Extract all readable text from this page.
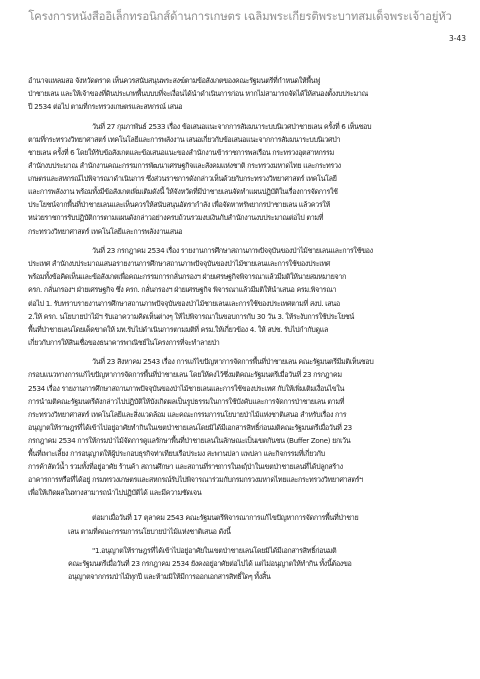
โครงการหนังสืออิเล็กทรอนิกส์ด้านการเกษตร เฉลิมพระเกียรติพระบาทสมเด็จพระเจ้าอยู่หัว
3-43
อำนาจแหลมสอ จังหวัดตราด เห็นควรสนับสนุนพระสงฆ์ตามข้อสังเกตของคณะรัฐมนตรีที่กำหนดให้พื้นฟู
ป่าชายเลน และให้เจ้าของที่ดินประเภทพื้นบบบที่จะเงื่อนได้นำดำเนินการก่อน หากไม่สามารถจัดได้ให้สนองตั้งงบประมาณ
ปี 2534 ต่อไป ตามที่กระทรวงเกษตรและสหกรณ์ เสนอ
วันที่ 27 กุมภาพันธ์ 2533 เรื่อง ข้อเสนอแนะจากการสัมมนาระบบนิเวศป่าชายเลน ครั้งที่ 6 เห็นชอบ
ตามที่กระทรวงวิทยาศาสตร์ เทคโนโลยีและการพลังงาน เสนอเกี่ยวกับข้อเสนอแนะจากการสัมมนาระบบนิเวศป่า
ชายเลน ครั้งที่ 6 โดยให้รับข้อสังเกตและข้อเสนอแนะของสำนักงานข้าราชการพลเรือน กระทรวงอุตสาหกรรม
สำนักงบประมาณ สำนักงานคณะกรรมการพัฒนาเศรษฐกิจและสังคมแห่งชาติ กระทรวงมหาดไทย และกระทรวง
เกษตรและสหกรณ์ไปพิจารณาดำเนินการ ซึ่งส่วนราชการดังกล่าวเห็นด้วยกับกระทรวงวิทยาศาสตร์ เทคโนโลยี
และการพลังงาน พร้อมทั้งมีข้อสังเกตเพิ่มเติมดังนี้ ให้จังหวัดที่มีป่าชายเลนจัดทำแผนปฏิบัติในเรื่องการจัดการใช้
ประโยชน์จากพื้นที่ป่าชายเลนและเห็นควรให้สนับสนุนอัตรากำลัง เพื่อจัดหาทรัพยากรป่าชายเลน แล้วควรให้
หน่วยราชการรับปฏิบัติการตามแผนดังกล่าวอย่างครบถ้วนรวมงบเงินกับสำนักงานงบประมาณต่อไป ตามที่
กระทรวงวิทยาศาสตร์ เทคโนโลยีและการพลังงานเสนอ
วันที่ 23 กรกฎาคม 2534 เรื่อง รายงานการศึกษาสถานภาพปัจจุบันของป่าไม้ชายเลนและการใช้ของ
ประเทศ สำนักงบประมาณเสนอรายงานการศึกษาสถานภาพปัจจุบันของป่าไม้ชายเลนและการใช้ของประเทศ
พร้อมทั้งข้อคิดเห็นและข้อสังเกตเพื่อคณะกรรมการกลั่นกรองฯ ฝ่ายเศรษฐกิจพิจารณาแล้วมีมติให้นายสมหมายจาก
ครก. กลั่นกรองฯ ฝ่ายเศรษฐกิจ ซึ่ง ครก. กลั่นกรองฯ ฝ่ายเศรษฐกิจ พิจารณาแล้วมีมติให้นำเสนอ ครม.พิจารณา
ต่อไป 1. รับทราบรายงานการศึกษาสถานภาพปัจจุบันของป่าไม้ชายเลนและการใช้ของประเทศตามที่ สงป. เสนอ
2.ให้ ครก. นโยบายป่าไม้ฯ รับเอาความคิดเห็นต่างๆ ให้ไปพิจารณาในขอบการกับ 30 วัน 3. ให้ระงับการใช้ประโยชน์
พื้นที่ป่าชายเลนโดยเด็ดขาดให้ มท.รับไปดำเนินการตามมติที่ ครม.ให้เกี่ยวข้อง 4. ให้ สปช. รับไปกำกับดูแล
เกี่ยวกับการให้สินเชื่อของธนาคารพาณิชย์ในโครงการที่จะทำลายป่า
วันที่ 23 สิงหาคม 2543 เรื่อง การแก้ไขปัญหาการจัดการพื้นที่ป่าชายเลน คณะรัฐมนตรีมีมติเห็นชอบ
กรอบแนวทางการแก้ไขปัญหาการจัดการพื้นที่ป่าชายเลน โดยให้คงไว้ซึ่งมติคณะรัฐมนตรีเมื่อวันที่ 23 กรกฎาคม
2534 เรื่อง รายงานการศึกษาสถานภาพปัจจุบันของป่าไม้ชายเลนและการใช้ของประเทศ กับให้เพิ่มเติมเงื่อนไขใน
การนำมติคณะรัฐมนตรีดังกล่าวไปปฏิบัติให้บังเกิดผลเป็นรูปธรรมในการใช้บังคับและการจัดการป่าชายเลน ตามที่
กระทรวงวิทยาศาสตร์ เทคโนโลยีและสิ่งแวดล้อม และคณะกรรมการนโยบายป่าไม้แห่งชาติเสนอ สำหรับเรื่อง การ
อนุญาตให้ราษฎรที่ได้เข้าไปอยู่อาศัยทำกินในเขตป่าชายเลนโดยมิได้มีเอกสารสิทธิ์ก่อนมติคณะรัฐมนตรีเมื่อวันที่ 23
กรกฎาคม 2534 การให้กรมป่าไม้จัดการดูแลรักษาพื้นที่ป่าชายเลนในลักษณะเป็นเขตกันชน (Buffer Zone) ยกเว้น
พื้นที่เพาะเลี้ยง การอนุญาตให้ผู้ประกอบธุรกิจท่าเทียบเรือประมง สะพานปลา แพปลา และกิจกรรมที่เกี่ยวกับ
การค้าสัตว์น้ำ รวมทั้งที่อยู่อาศัย ร้านค้า สถานศึกษา และสถานที่ราชการในพฤ์ป่าในเขตป่าชายเลนที่ได้ปลูกสร้าง
อาคารการหรือที่ได้อยู่ กรมทรวงเกษตรและสหกรณ์รับไปพิจารณาร่วมกับกรมกรวงมหาดไทยและกระทรวงวิทยาศาสตร์ฯ
เพื่อให้เกิดผลในทางสามารถนำไปปฏิบัติได้ และมีความชัดเจน
ต่อมาเมื่อวันที่ 17 ตุลาคม 2543 คณะรัฐมนตรีพิจารณาการแก้ไขปัญหาการจัดการพื้นที่ป่าชาย
เลน ตามที่คณะกรรมการนโยบายป่าไม้แห่งชาติเสนอ ดังนี้
"1.อนุญาตให้ราษฎรที่ได้เข้าไปอยู่อาศัยในเขตป่าชายเลนโดยมิได้มีเอกสารสิทธิ์ก่อนมติ
คณะรัฐมนตรีเมื่อวันที่ 23 กรกฎาคม 2534 ยังคงอยู่อาศัยต่อไปได้ แต่ไม่อนุญาตให้ทำกิน ทั้งนี้ต้องขอ
อนุญาตจากกรมป่าไม้ทุกปี และห้ามมิให้มีการออกเอกสารสิทธิ์ใดๆ ทั้งสิ้น
